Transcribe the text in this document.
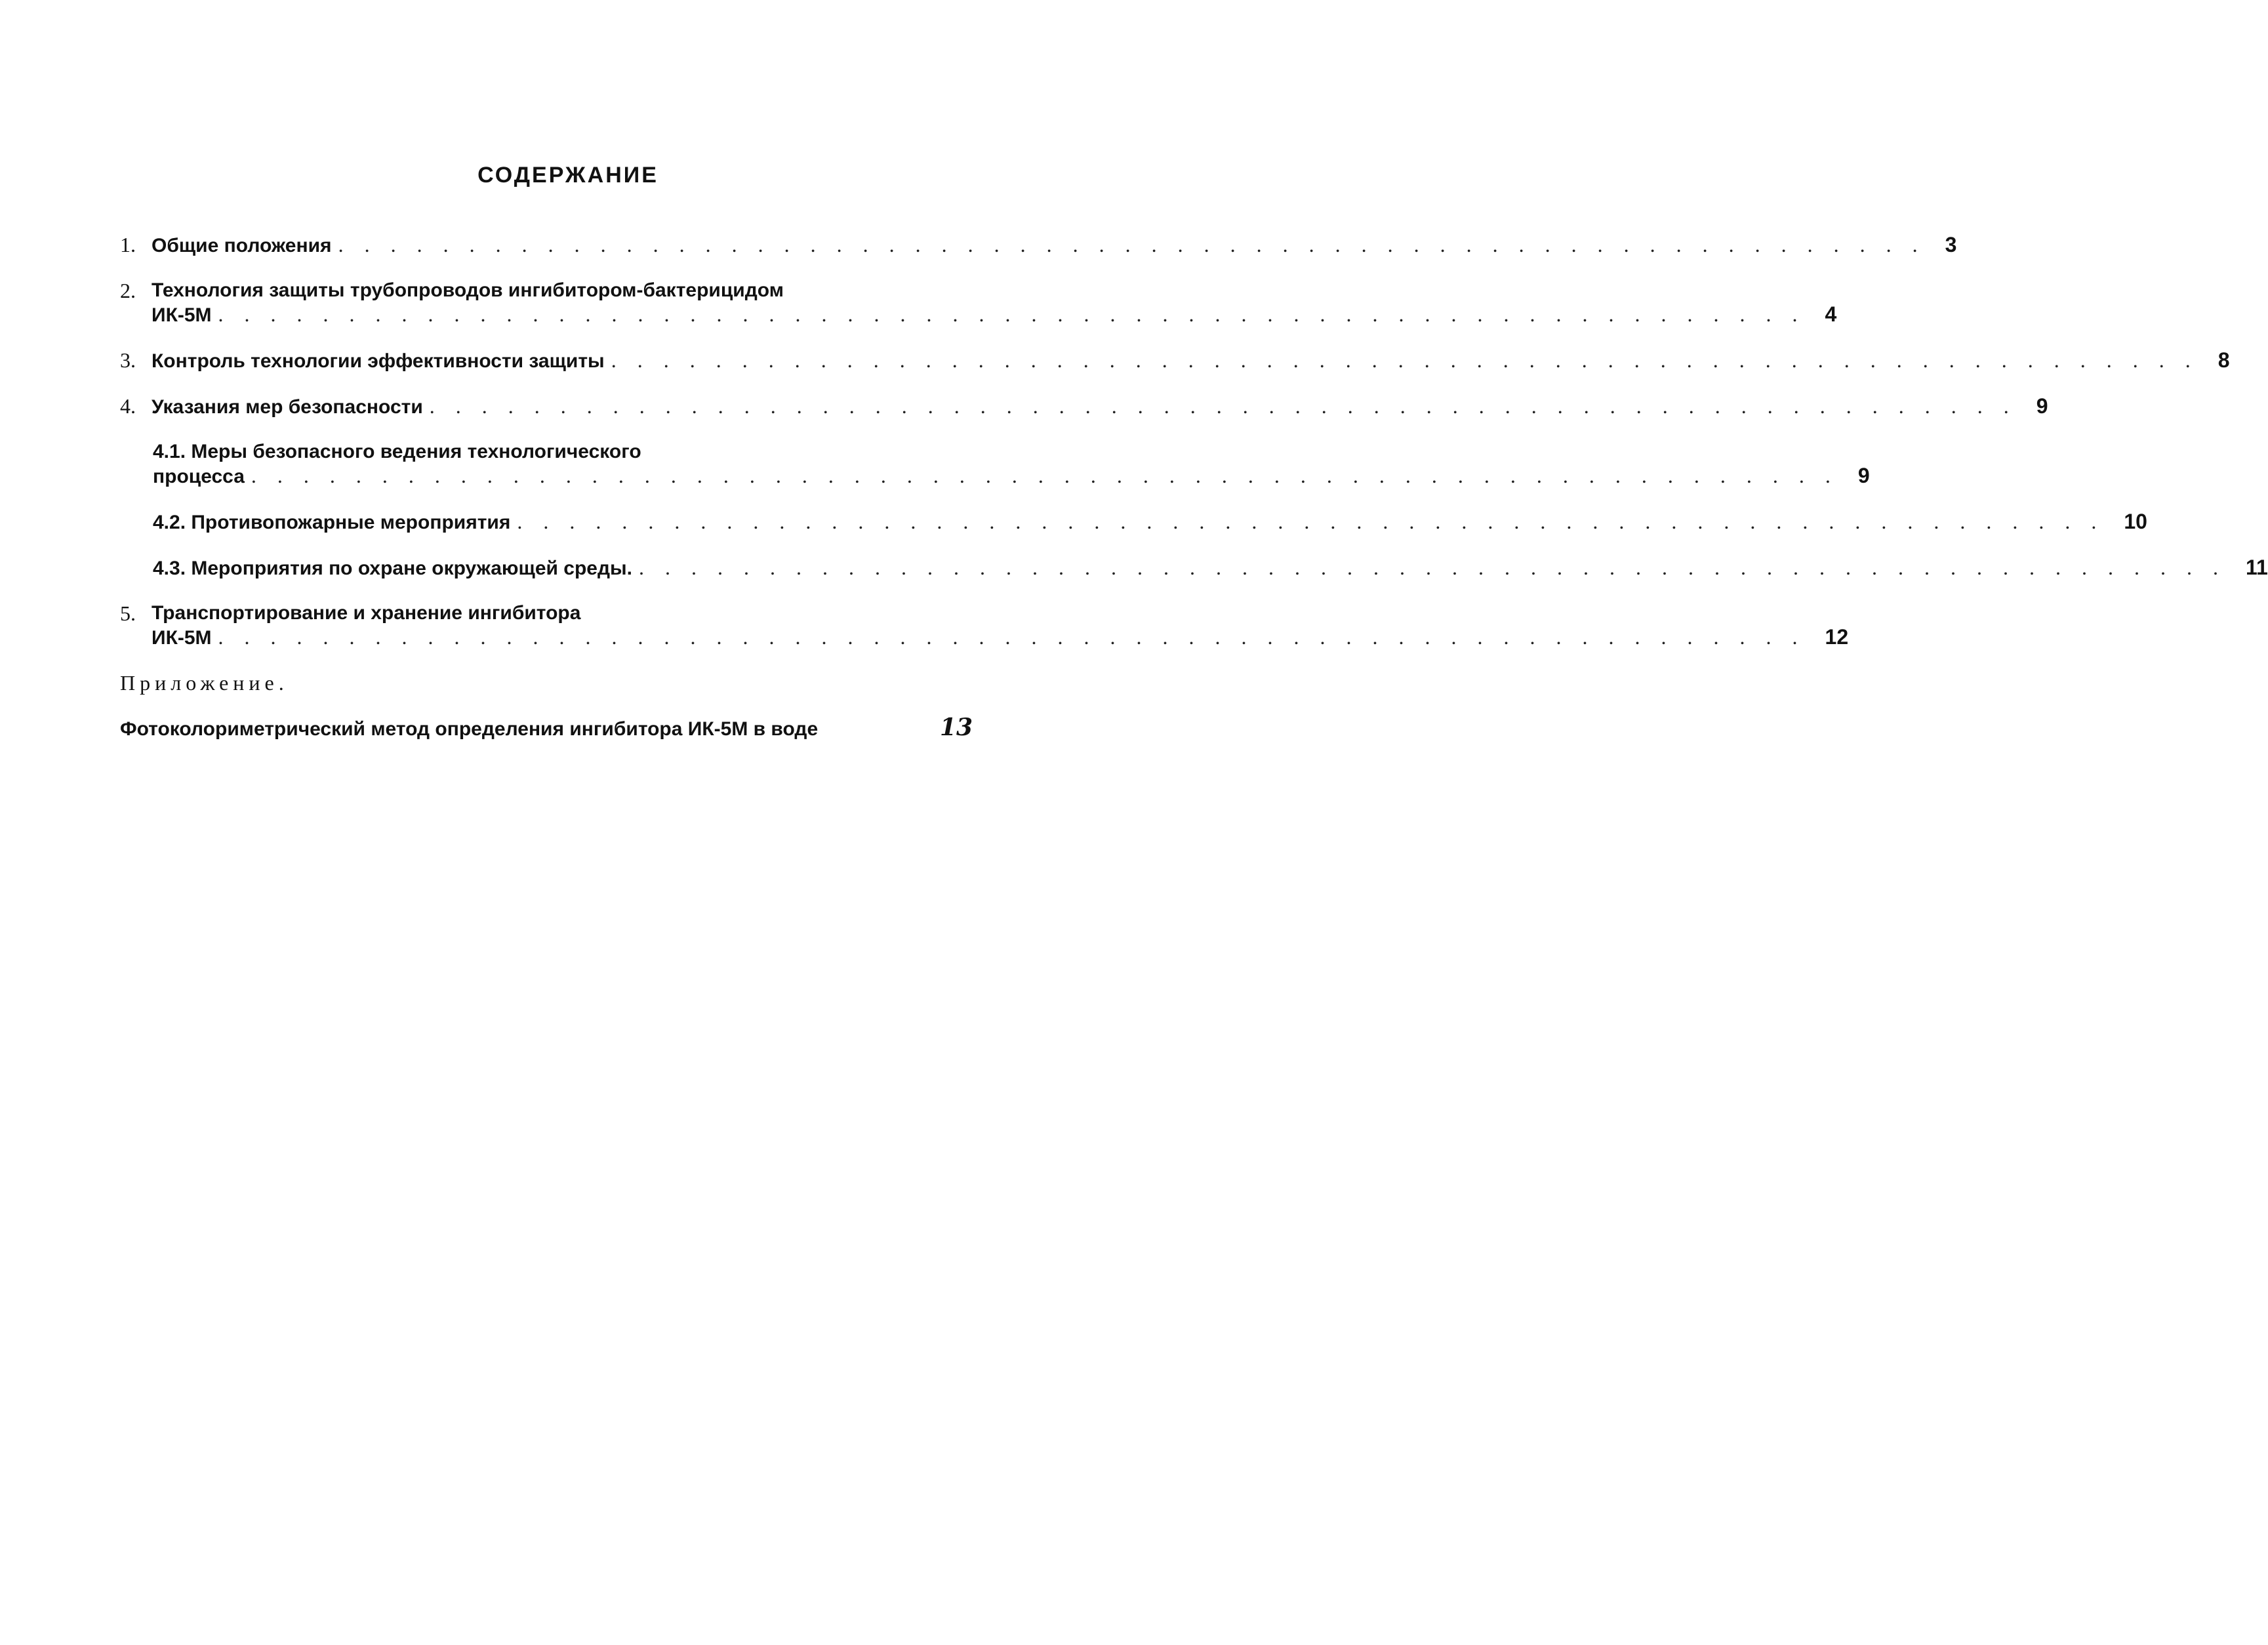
СОДЕРЖАНИЕ
1. Общие положения . . . . . . . . . . . . . . . . . . . . . . . . . . . . . . . . . . . . . . . . . . . . . . . . . . . . . . . . . . . . . 3
2. Технология защиты трубопроводов ингибитором-бактерицидом
ИК-5М . . . . . . . . . . . . . . . . . . . . . . . . . . . . . . . . . . . . . . . . . . . . . . . . . . . . . . . . . . . . . 4
3. Контроль технологии эффективности защиты . . . . . . . . . . . . . . . . . . . . . . . . . . . . . . . . . . . . . . . . . . . . . . . . . . . . . . . . . . . . . 8
4. Указания мер безопасности . . . . . . . . . . . . . . . . . . . . . . . . . . . . . . . . . . . . . . . . . . . . . . . . . . . . . . . . . . . . . 9
4.1. Меры безопасного ведения технологического
процесса . . . . . . . . . . . . . . . . . . . . . . . . . . . . . . . . . . . . . . . . . . . . . . . . . . . . . . . . . . . . . 9
4.2. Противопожарные мероприятия . . . . . . . . . . . . . . . . . . . . . . . . . . . . . . . . . . . . . . . . . . . . . . . . . . . . . . . . . . . . . 10
4.3. Мероприятия по охране окружающей среды. . . . . . . . . . . . . . . . . . . . . . . . . . . . . . . . . . . . . . . . . . . . . . . . . . . . . . . . . . . . . . 11
5. Транспортирование и хранение ингибитора
ИК-5М . . . . . . . . . . . . . . . . . . . . . . . . . . . . . . . . . . . . . . . . . . . . . . . . . . . . . . . . . . . . . 12
Приложение.
Фотоколориметрический метод определения ингибитора ИК-5М в воде	13
